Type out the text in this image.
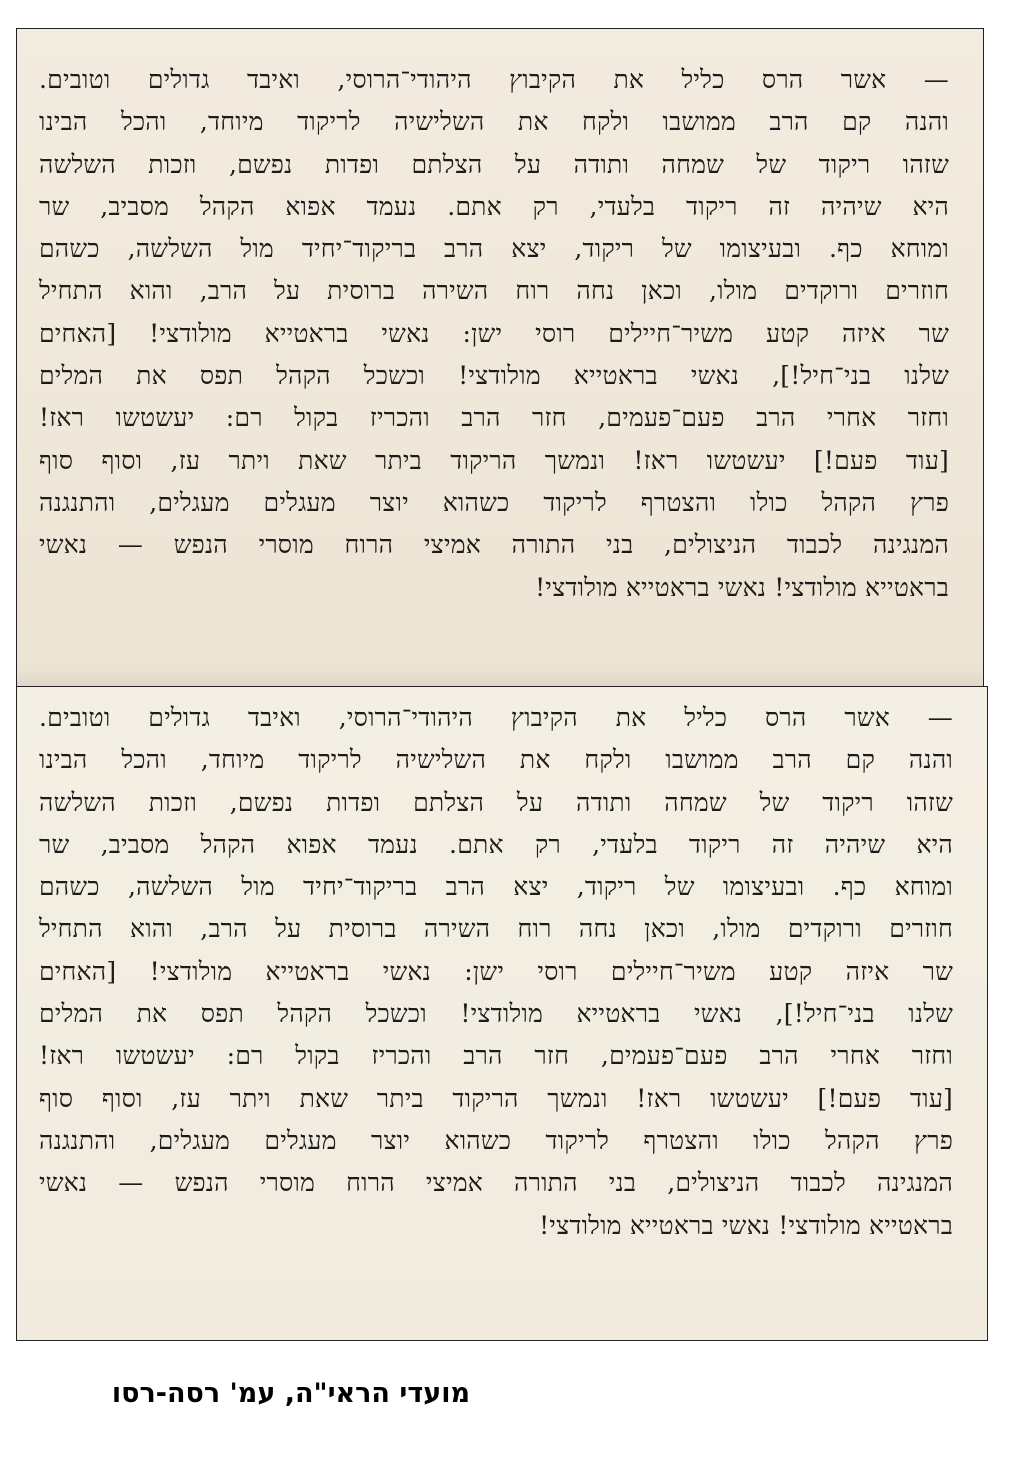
— אשר הרס כליל את הקיבוץ היהודי־הרוסי, ואיבד גדולים וטובים.
והנה קם הרב ממושבו ולקח את השלישיה לריקוד מיוחד, והכל הבינו
שזהו ריקוד של שמחה ותודה על הצלתם ופדות נפשם, וזכות השלשה
היא שיהיה זה ריקוד בלעדי, רק אתם. נעמד אפוא הקהל מסביב, שר
ומוחא כף. ובעיצומו של ריקוד, יצא הרב בריקוד־יחיד מול השלשה, כשהם
חוזרים ורוקדים מולו, וכאן נחה רוח השירה ברוסית על הרב, והוא התחיל
שר איזה קטע משיר־חיילים רוסי ישן: נאשי בראטייא מולודצי! [האחים
שלנו בני־חיל!], נאשי בראטייא מולודצי! וכשכל הקהל תפס את המלים
וחזר אחרי הרב פעם־פעמים, חזר הרב והכריז בקול רם: יעשטשו ראז!
[עוד פעם!] יעשטשו ראז! ונמשך הריקוד ביתר שאת ויתר עז, וסוף סוף
פרץ הקהל כולו והצטרף לריקוד כשהוא יוצר מעגלים מעגלים, והתנגנה
המנגינה לכבוד הניצולים, בני התורה אמיצי הרוח מוסרי הנפש — נאשי
בראטייא מולודצי! נאשי בראטייא מולודצי!
— אשר הרס כליל את הקיבוץ היהודי־הרוסי, ואיבד גדולים וטובים.
והנה קם הרב ממושבו ולקח את השלישיה לריקוד מיוחד, והכל הבינו
שזהו ריקוד של שמחה ותודה על הצלתם ופדות נפשם, וזכות השלשה
היא שיהיה זה ריקוד בלעדי, רק אתם. נעמד אפוא הקהל מסביב, שר
ומוחא כף. ובעיצומו של ריקוד, יצא הרב בריקוד־יחיד מול השלשה, כשהם
חוזרים ורוקדים מולו, וכאן נחה רוח השירה ברוסית על הרב, והוא התחיל
שר איזה קטע משיר־חיילים רוסי ישן: נאשי בראטייא מולודצי! [האחים
שלנו בני־חיל!], נאשי בראטייא מולודצי! וכשכל הקהל תפס את המלים
וחזר אחרי הרב פעם־פעמים, חזר הרב והכריז בקול רם: יעשטשו ראז!
[עוד פעם!] יעשטשו ראז! ונמשך הריקוד ביתר שאת ויתר עז, וסוף סוף
פרץ הקהל כולו והצטרף לריקוד כשהוא יוצר מעגלים מעגלים, והתנגנה
המנגינה לכבוד הניצולים, בני התורה אמיצי הרוח מוסרי הנפש — נאשי
בראטייא מולודצי! נאשי בראטייא מולודצי!
מועדי הראי"ה, עמ' רסה-רסו
